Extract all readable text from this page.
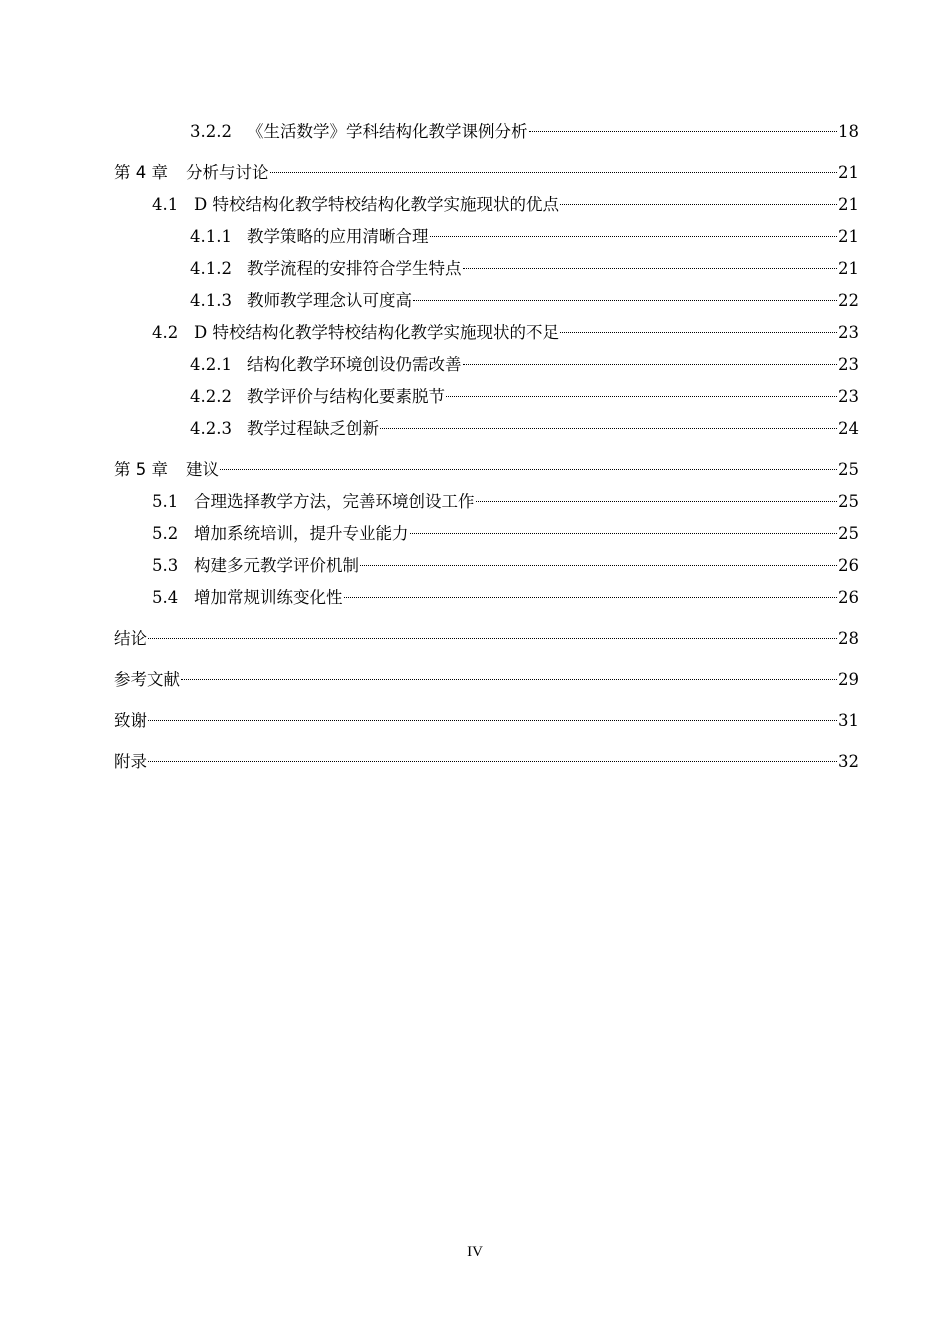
3.2.2 《生活数学》学科结构化教学课例分析	18
第 4 章 分析与讨论	21
4.1 D 特校结构化教学特校结构化教学实施现状的优点	21
4.1.1 教学策略的应用清晰合理	21
4.1.2 教学流程的安排符合学生特点	21
4.1.3 教师教学理念认可度高	22
4.2 D 特校结构化教学特校结构化教学实施现状的不足	23
4.2.1 结构化教学环境创设仍需改善	23
4.2.2 教学评价与结构化要素脱节	23
4.2.3 教学过程缺乏创新	24
第 5 章 建议	25
5.1 合理选择教学方法，完善环境创设工作	25
5.2 增加系统培训，提升专业能力	25
5.3 构建多元教学评价机制	26
5.4 增加常规训练变化性	26
结论	28
参考文献	29
致谢	31
附录	32
IV
